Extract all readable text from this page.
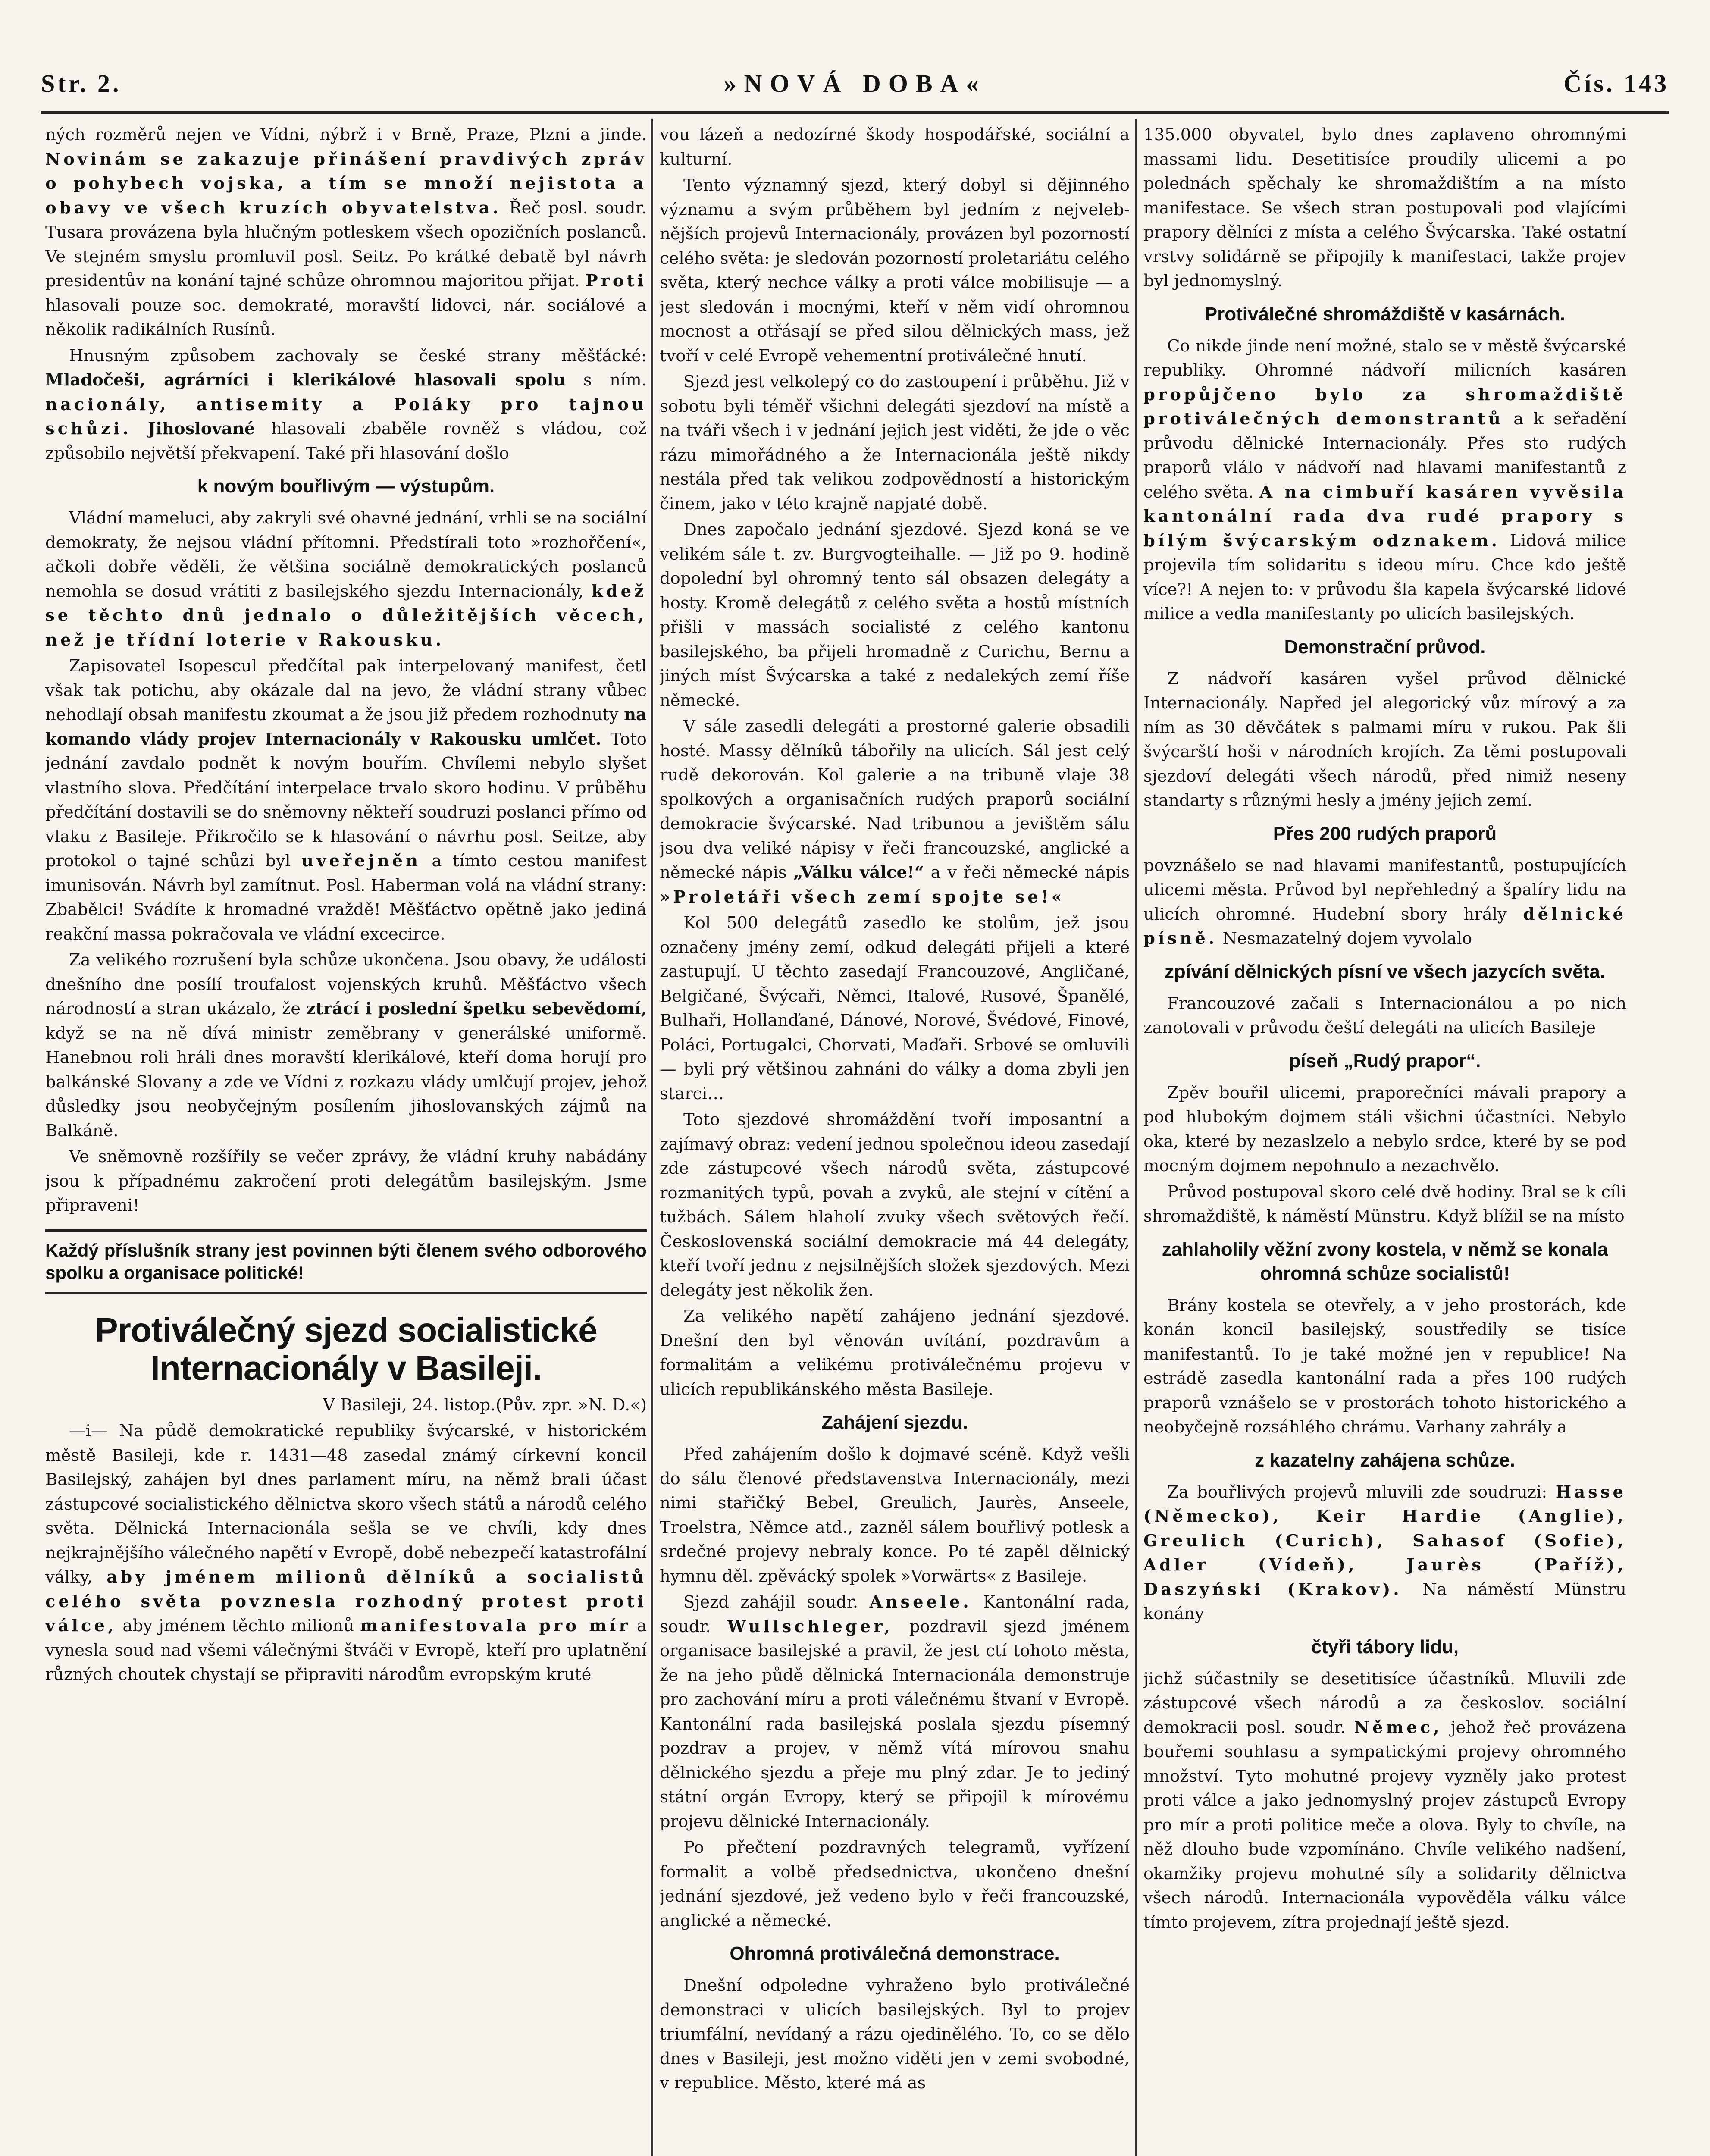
Str. 2.	»NOVÁ DOBA«	Čís. 143

ných rozměrů nejen ve Vídni, nýbrž i v Brně, Praze, Plzni a jinde. Novinám se zakazuje přinášení pravdivých zpráv o pohybech vojska, a tím se množí nejistota a obavy ve všech kruzích obyvatelstva. Řeč posl. soudr. Tusara provázena byla hlučným potleskem všech opozičních poslanců. Ve stejném smyslu promluvil posl. Seitz. Po krátké debatě byl návrh presidentův na konání tajné schůze ohromnou majoritou přijat. Proti hlasovali pouze soc. demokraté, moravští lidovci, nár. sociálové a několik radikálních Rusínů.

Hnusným způsobem zachovaly se české strany měšťácké: Mladočeši, agrárníci i klerikálové hlasovali spolu s ním. nacionály, antisemity a Poláky pro tajnou schůzi. Jihoslované hlasovali zbaběle rovněž s vládou, což způsobilo největší překvapení. Také při hlasování došlo

k novým bouřlivým — výstupům.

Vládní mameluci, aby zakryli své ohavné jednání, vrhli se na sociální demokraty, že nejsou vládní přítomni. Předstírali toto »rozhořčení«, ačkoli dobře věděli, že většina sociálně demokratických poslanců nemohla se dosud vrátiti z basilejského sjezdu Internacionály, kdež se těchto dnů jednalo o důležitějších věcech, než je třídní loterie v Rakousku.

Zapisovatel Isopescul předčítal pak interpelovaný manifest, četl však tak potichu, aby okázale dal na jevo, že vládní strany vůbec nehodlají obsah manifestu zkoumat a že jsou již předem rozhodnuty na komando vlády projev Internacionály v Rakousku umlčet. Toto jednání zavdalo podnět k novým bouřím. Chvílemi nebylo slyšet vlastního slova. Předčítání interpelace trvalo skoro hodinu. V průběhu předčítání dostavili se do sněmovny někteří soudruzi poslanci přímo od vlaku z Basileje. Přikročilo se k hlasování o návrhu posl. Seitze, aby protokol o tajné schůzi byl uveřejněn a tímto cestou manifest imunisován. Návrh byl zamítnut. Posl. Haberman volá na vládní strany: Zbabělci! Svádíte k hromadné vraždě! Měšťáctvo opětně jako jediná reakční massa pokračovala ve vládní excecirce.

Za velikého rozrušení byla schůze ukončena. Jsou obavy, že události dnešního dne posílí troufalost vojenských kruhů. Měšťáctvo všech národností a stran ukázalo, že ztrácí i poslední špetku sebevědomí, když se na ně dívá ministr zeměbrany v generálské uniformě. Hanebnou roli hráli dnes moravští klerikálové, kteří doma horují pro balkánské Slovany a zde ve Vídni z rozkazu vlády umlčují projev, jehož důsledky jsou neobyčejným posílením jihoslovanských zájmů na Balkáně.

Ve sněmovně rozšířily se večer zprávy, že vládní kruhy nabádány jsou k případnému zakročení proti delegátům basilejským. Jsme připraveni!

Každý příslušník strany jest povinnen býti členem svého odborového spolku a organisace politické!
Protiválečný sjezd socialistické Internacionály v Basileji.

V Basileji, 24. listop.(Pův. zpr. »N. D.«)

—i— Na půdě demokratické republiky švýcarské, v historickém městě Basileji, kde r. 1431—48 zasedal známý církevní koncil Basilejský, zahájen byl dnes parlament míru, na němž brali účast zástupcové socialistického dělnictva skoro všech států a národů celého světa. Dělnická Internacionála sešla se ve chvíli, kdy dnes nejkrajnějšího válečného napětí v Evropě, době nebezpečí katastrofální války, aby jménem milionů dělníků a socialistů celého světa povznesla rozhodný protest proti válce, aby jménem těchto milionů manifestovala pro mír a vynesla soud nad všemi válečnými štváči v Evropě, kteří pro uplatnění různých choutek chystají se připraviti národům evropským kruté

vou lázeň a nedozírné škody hospodářské, sociální a kulturní.

Tento významný sjezd, který dobyl si dějinného významu a svým průběhem byl jedním z nejvelebnějších projevů Internacionály, provázen byl pozorností celého světa: je sledován pozorností proletariátu celého světa, který nechce války a proti válce mobilisuje — a jest sledován i mocnými, kteří v něm vidí ohromnou mocnost a otřásají se před silou dělnických mass, jež tvoří v celé Evropě vehementní protiválečné hnutí.

Sjezd jest velkolepý co do zastoupení i průběhu. Již v sobotu byli téměř všichni delegáti sjezdoví na místě a na tváři všech i v jednání jejich jest viděti, že jde o věc rázu mimořádného a že Internacionála ještě nikdy nestála před tak velikou zodpovědností a historickým činem, jako v této krajně napjaté době.

Dnes započalo jednání sjezdové. Sjezd koná se ve velikém sále t. zv. Burgvogteihalle. — Již po 9. hodině dopolední byl ohromný tento sál obsazen delegáty a hosty. Kromě delegátů z celého světa a hostů místních přišli v massách socialisté z celého kantonu basilejského, ba přijeli hromadně z Curichu, Bernu a jiných míst Švýcarska a také z nedalekých zemí říše německé.

V sále zasedli delegáti a prostorné galerie obsadili hosté. Massy dělníků tábořily na ulicích. Sál jest celý rudě dekorován. Kol galerie a na tribuně vlaje 38 spolkových a organisačních rudých praporů sociální demokracie švýcarské. Nad tribunou a jevištěm sálu jsou dva veliké nápisy v řeči francouzské, anglické a německé nápis „Válku válce!“ a v řeči německé nápis »Proletáři všech zemí spojte se!«

Kol 500 delegátů zasedlo ke stolům, jež jsou označeny jmény zemí, odkud delegáti přijeli a které zastupují. U těchto zasedají Francouzové, Angličané, Belgičané, Švýcaři, Němci, Italové, Rusové, Španělé, Bulhaři, Hollanďané, Dánové, Norové, Švédové, Finové, Poláci, Portugalci, Chorvati, Maďaři. Srbové se omluvili — byli prý většinou zahnáni do války a doma zbyli jen starci…

Toto sjezdové shromáždění tvoří imposantní a zajímavý obraz: vedení jednou společnou ideou zasedají zde zástupcové všech národů světa, zástupcové rozmanitých typů, povah a zvyků, ale stejní v cítění a tužbách. Sálem hlaholí zvuky všech světových řečí. Československá sociální demokracie má 44 delegáty, kteří tvoří jednu z nejsilnějších složek sjezdových. Mezi delegáty jest několik žen.

Za velikého napětí zahájeno jednání sjezdové. Dnešní den byl věnován uvítání, pozdravům a formalitám a velikému protiválečnému projevu v ulicích republikánského města Basileje.

Zahájení sjezdu.

Před zahájením došlo k dojmavé scéně. Když vešli do sálu členové představenstva Internacionály, mezi nimi stařičký Bebel, Greulich, Jaurès, Anseele, Troelstra, Němce atd., zazněl sálem bouřlivý potlesk a srdečné projevy nebraly konce. Po té zapěl dělnický hymnu děl. zpěvácký spolek »Vorwärts« z Basileje.

Sjezd zahájil soudr. Anseele. Kantonální rada, soudr. Wullschleger, pozdravil sjezd jménem organisace basilejské a pravil, že jest ctí tohoto města, že na jeho půdě dělnická Internacionála demonstruje pro zachování míru a proti válečnému štvaní v Evropě. Kantonální rada basilejská poslala sjezdu písemný pozdrav a projev, v němž vítá mírovou snahu dělnického sjezdu a přeje mu plný zdar. Je to jediný státní orgán Evropy, který se připojil k mírovému projevu dělnické Internacionály.

Po přečtení pozdravných telegramů, vyřízení formalit a volbě předsednictva, ukončeno dnešní jednání sjezdové, jež vedeno bylo v řeči francouzské, anglické a německé.

Ohromná protiválečná demonstrace.

Dnešní odpoledne vyhraženo bylo protiválečné demonstraci v ulicích basilejských. Byl to projev triumfální, nevídaný a rázu ojedinělého. To, co se dělo dnes v Basileji, jest možno viděti jen v zemi svobodné, v republice. Město, které má as

135.000 obyvatel, bylo dnes zaplaveno ohromnými massami lidu. Desetitisíce proudily ulicemi a po polednách spěchaly ke shromaždištím a na místo manifestace. Se všech stran postupovali pod vlajícími prapory dělníci z místa a celého Švýcarska. Také ostatní vrstvy solidárně se připojily k manifestaci, takže projev byl jednomyslný.

Protiválečné shromáždiště v kasárnách.

Co nikde jinde není možné, stalo se v městě švýcarské republiky. Ohromné nádvoří milicních kasáren propůjčeno bylo za shromaždiště protiválečných demonstrantů a k seřadění průvodu dělnické Internacionály. Přes sto rudých praporů vlálo v nádvoří nad hlavami manifestantů z celého světa. A na cimbuří kasáren vyvěsila kantonální rada dva rudé prapory s bílým švýcarským odznakem. Lidová milice projevila tím solidaritu s ideou míru. Chce kdo ještě více?! A nejen to: v průvodu šla kapela švýcarské lidové milice a vedla manifestanty po ulicích basilejských.

Demonstrační průvod.

Z nádvoří kasáren vyšel průvod dělnické Internacionály. Napřed jel alegorický vůz mírový a za ním as 30 děvčátek s palmami míru v rukou. Pak šli švýcarští hoši v národních krojích. Za těmi postupovali sjezdoví delegáti všech národů, před nimiž neseny standarty s různými hesly a jmény jejich zemí.

Přes 200 rudých praporů

povznášelo se nad hlavami manifestantů, postupujících ulicemi města. Průvod byl nepřehledný a špalíry lidu na ulicích ohromné. Hudební sbory hrály dělnické písně. Nesmazatelný dojem vyvolalo

zpívání dělnických písní ve všech jazycích světa.

Francouzové začali s Internacionálou a po nich zanotovali v průvodu čeští delegáti na ulicích Basileje

píseň „Rudý prapor“.

Zpěv bouřil ulicemi, praporečníci mávali prapory a pod hlubokým dojmem stáli všichni účastníci. Nebylo oka, které by nezaslzelo a nebylo srdce, které by se pod mocným dojmem nepohnulo a nezachvělo.

Průvod postupoval skoro celé dvě hodiny. Bral se k cíli shromaždiště, k náměstí Münstru. Když blížil se na místo

zahlaholily věžní zvony kostela, v němž se konala ohromná schůze socialistů!

Brány kostela se otevřely, a v jeho prostorách, kde konán koncil basilejský, soustředily se tisíce manifestantů. To je také možné jen v republice! Na estrádě zasedla kantonální rada a přes 100 rudých praporů vznášelo se v prostorách tohoto historického a neobyčejně rozsáhlého chrámu. Varhany zahrály a

z kazatelny zahájena schůze.

Za bouřlivých projevů mluvili zde soudruzi: Hasse (Německo), Keir Hardie (Anglie), Greulich (Curich), Sahasof (Sofie), Adler (Vídeň), Jaurès (Paříž), Daszyński (Krakov). Na náměstí Münstru konány

čtyři tábory lidu,

jichž súčastnily se desetitisíce účastníků. Mluvili zde zástupcové všech národů a za českoslov. sociální demokracii posl. soudr. Němec, jehož řeč provázena bouřemi souhlasu a sympatickými projevy ohromného množství. Tyto mohutné projevy vyzněly jako protest proti válce a jako jednomyslný projev zástupců Evropy pro mír a proti politice meče a olova. Byly to chvíle, na něž dlouho bude vzpomínáno. Chvíle velikého nadšení, okamžiky projevu mohutné síly a solidarity dělnictva všech národů. Internacionála vypověděla válku válce tímto projevem, zítra projednají ještě sjezd.
